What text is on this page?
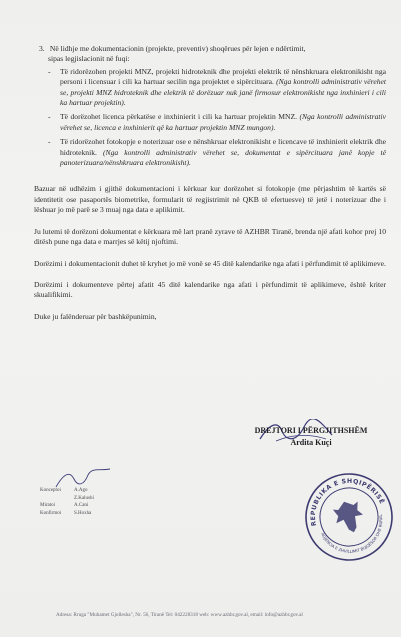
3. Në lidhje me dokumentacionin (projekte, preventiv) shoqërues për lejen e ndërtimit,
sipas legjislacionit në fuqi:
- Të ridorëzohen projekti MNZ, projekti hidroteknik dhe projekti elektrik të nënshkruara elektronikisht nga personi i licensuar i cili ka hartuar secilin nga projektet e sipërcituara. (Nga kontrolli administrativ vërehet se, projekti MNZ hidroteknik dhe elektrik të dorëzuar nuk janë firmosur elektronikisht nga inxhinieri i cili ka hartuar projektin).
- Të dorëzohet licenca përkatëse e inxhinierit i cili ka hartuar projektin MNZ. (Nga kontrolli administrativ vërehet se, licenca e inxhinierit që ka hartuar projektin MNZ mungon).
- Të ridorëzohet fotokopje e noterizuar ose e nënshkruar elektronikisht e licencave të inxhinierit elektrik dhe hidroteknik. (Nga kontrolli administrativ vërehet se, dokumentat e sipërcituara janë kopje të panoterizuara/nënshkruara elektronikisht).

Bazuar në udhëzim i gjithë dokumentacioni i kërkuar kur dorëzohet si fotokopje (me përjashtim të kartës së identitetit ose pasaportës biometrike, formularit të regjistrimit në QKB të efertuesve) të jetë i noterizuar dhe i lëshuar jo më parë se 3 muaj nga data e aplikimit.

Ju lutemi të dorëzoni dokumentat e kërkuara më lart pranë zyrave të AZHBR Tiranë, brenda një afati kohor prej 10 ditësh pune nga data e marrjes së këtij njoftimi.

Dorëzimi i dokumentacionit duhet të kryhet jo më vonë se 45 ditë kalendarike nga afati i përfundimit të aplikimeve.

Dorëzimi i dokumenteve përtej afatit 45 ditë kalendarike nga afati i përfundimit të aplikimeve, është kriter skualifikimi.

Duke ju falënderuar për bashkëpunimin,

DREJTORI I PËRGJITHSHËM
Ardita Kuçi
REPUBLIKA E SHQIPËRISË
AGJENCIA E ZHVILLIMIT BUJQËSOR DHE RURAL
Konceptoi	A.Ago
Z.Kalushi
Miratoi	A.Cani
Konfirmoi	S.Hoxha
Adresa: Rruga "Muhamet Gjollesha", Nr. 56, Tiranë Tel: 042228318 web: www.azhbr.gov.al, email: info@azhbr.gov.al
